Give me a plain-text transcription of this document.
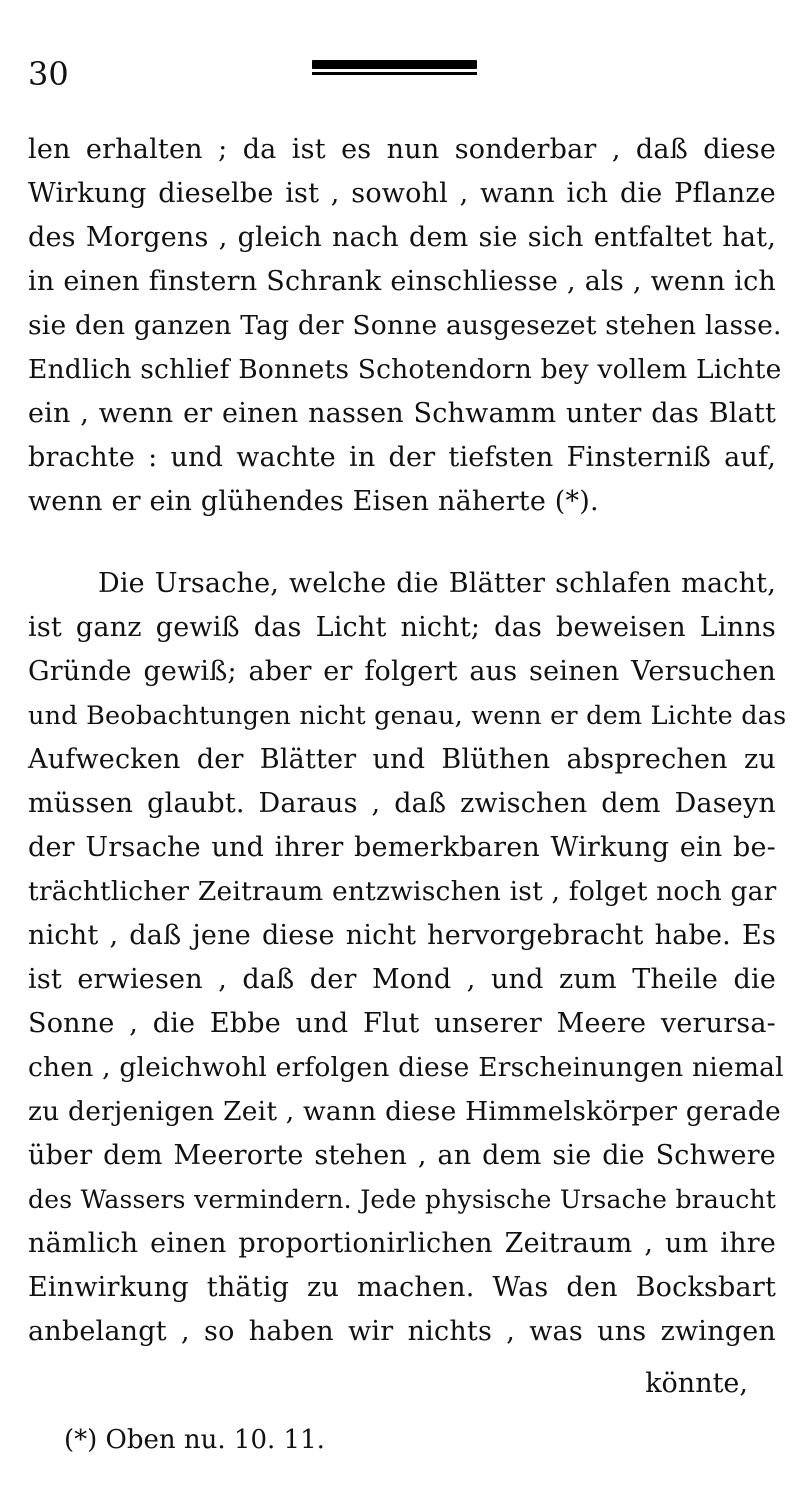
30
len erhalten ; da ist es nun sonderbar , daß diese
Wirkung dieselbe ist , sowohl , wann ich die Pflanze
des Morgens , gleich nach dem sie sich entfaltet hat,
in einen finstern Schrank einschliesse , als , wenn ich
sie den ganzen Tag der Sonne ausgesezet stehen lasse.
Endlich schlief Bonnets Schotendorn bey vollem Lichte
ein , wenn er einen nassen Schwamm unter das Blatt
brachte : und wachte in der tiefsten Finsterniß auf,
wenn er ein glühendes Eisen näherte (*).
Die Ursache, welche die Blätter schlafen macht,
ist ganz gewiß das Licht nicht; das beweisen Linns
Gründe gewiß; aber er folgert aus seinen Versuchen
und Beobachtungen nicht genau, wenn er dem Lichte das
Aufwecken der Blätter und Blüthen absprechen zu
müssen glaubt. Daraus , daß zwischen dem Daseyn
der Ursache und ihrer bemerkbaren Wirkung ein be-
trächtlicher Zeitraum entzwischen ist , folget noch gar
nicht , daß jene diese nicht hervorgebracht habe. Es
ist erwiesen , daß der Mond , und zum Theile die
Sonne , die Ebbe und Flut unserer Meere verursa-
chen , gleichwohl erfolgen diese Erscheinungen niemal
zu derjenigen Zeit , wann diese Himmelskörper gerade
über dem Meerorte stehen , an dem sie die Schwere
des Wassers vermindern. Jede physische Ursache braucht
nämlich einen proportionirlichen Zeitraum , um ihre
Einwirkung thätig zu machen. Was den Bocksbart
anbelangt , so haben wir nichts , was uns zwingen
könnte,
(*) Oben nu. 10. 11.
